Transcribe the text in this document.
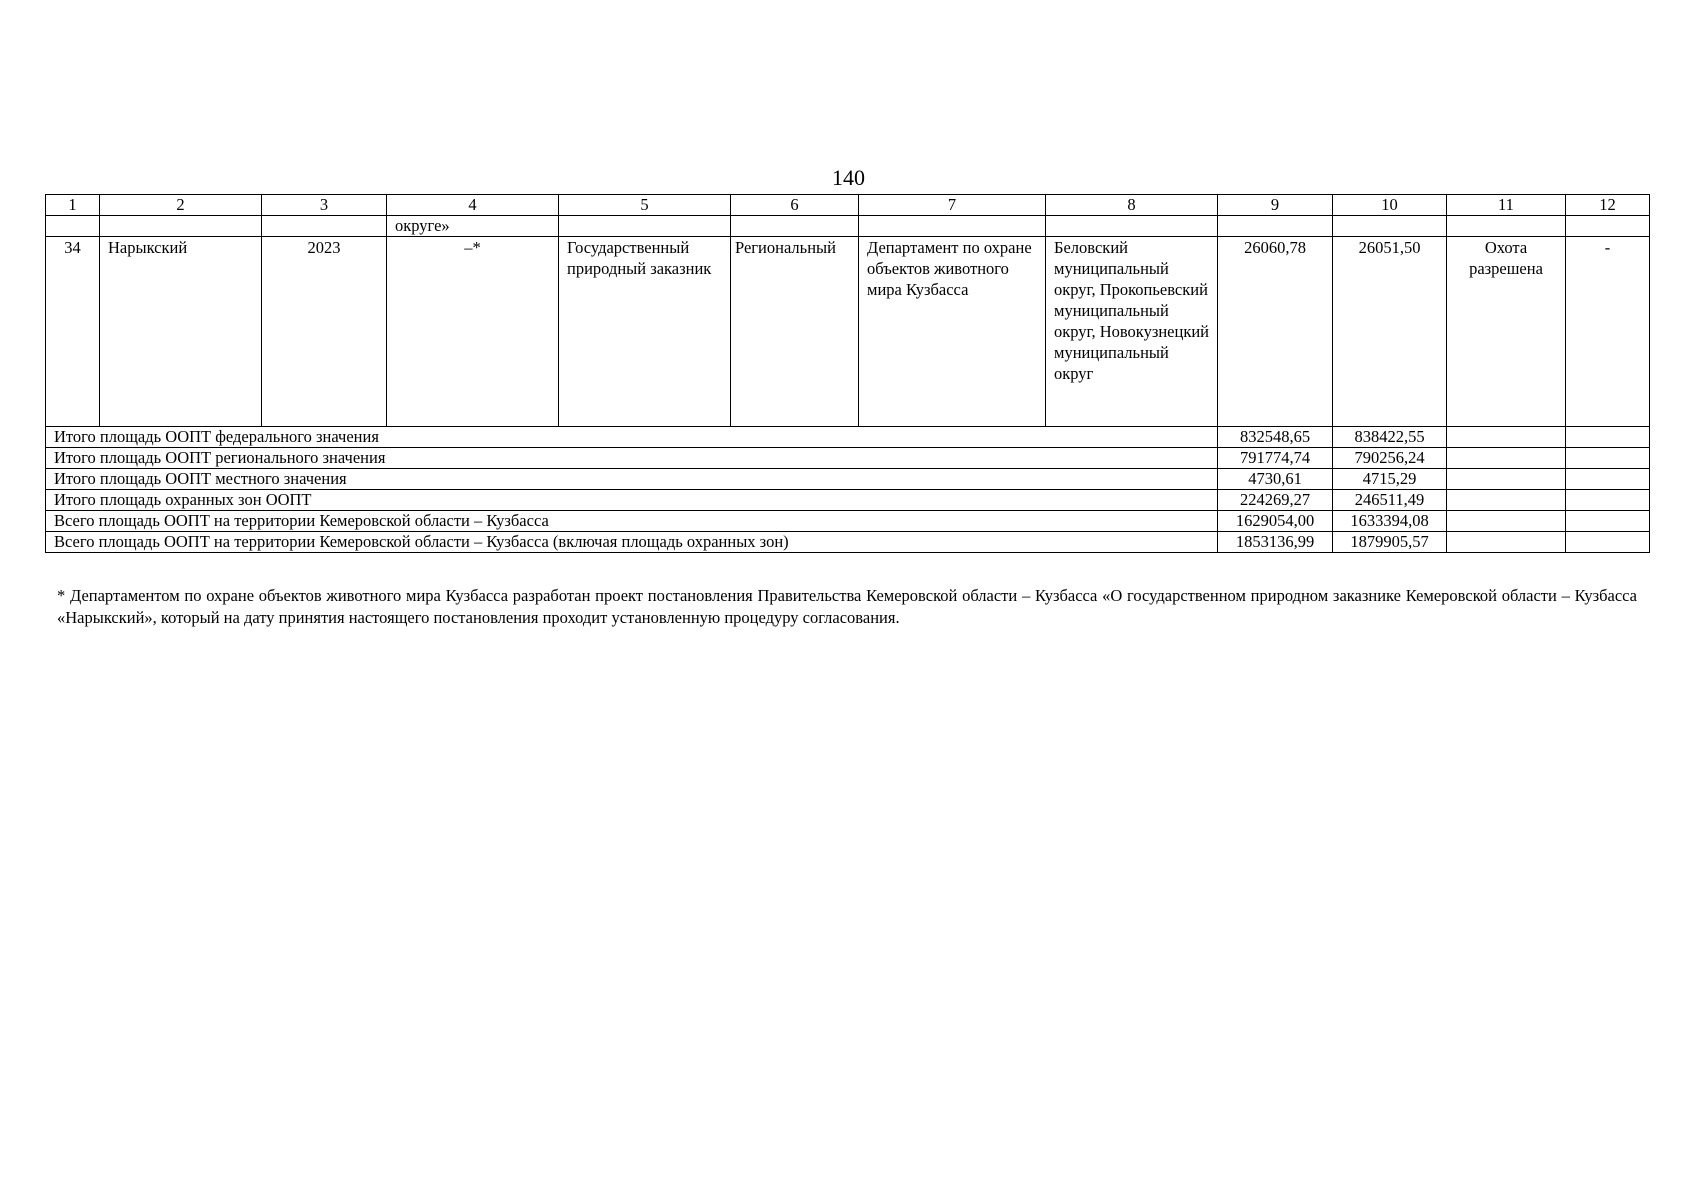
140
1	2	3	4	5	6	7	8	9	10	11	12
			округе»								
34	Нарыкский	2023	–*	Государственный природный заказник	Региональный	Департамент по охране объектов животного мира Кузбасса	Беловский муниципальный округ, Прокопьевский муниципальный округ, Новокузнецкий муниципальный округ	26060,78	26051,50	Охота разрешена	-
Итого площадь ООПТ федерального значения								832548,65	838422,55		
Итого площадь ООПТ регионального значения								791774,74	790256,24		
Итого площадь ООПТ местного значения								4730,61	4715,29		
Итого площадь охранных зон ООПТ								224269,27	246511,49		
Всего площадь ООПТ на территории Кемеровской области – Кузбасса								1629054,00	1633394,08		
Всего площадь ООПТ на территории Кемеровской области – Кузбасса (включая площадь охранных зон)								1853136,99	1879905,57		
* Департаментом по охране объектов животного мира Кузбасса разработан проект постановления Правительства Кемеровской области – Кузбасса «О государственном природном заказнике Кемеровской области – Кузбасса «Нарыкский», который на дату принятия настоящего постановления проходит установленную процедуру согласования.
